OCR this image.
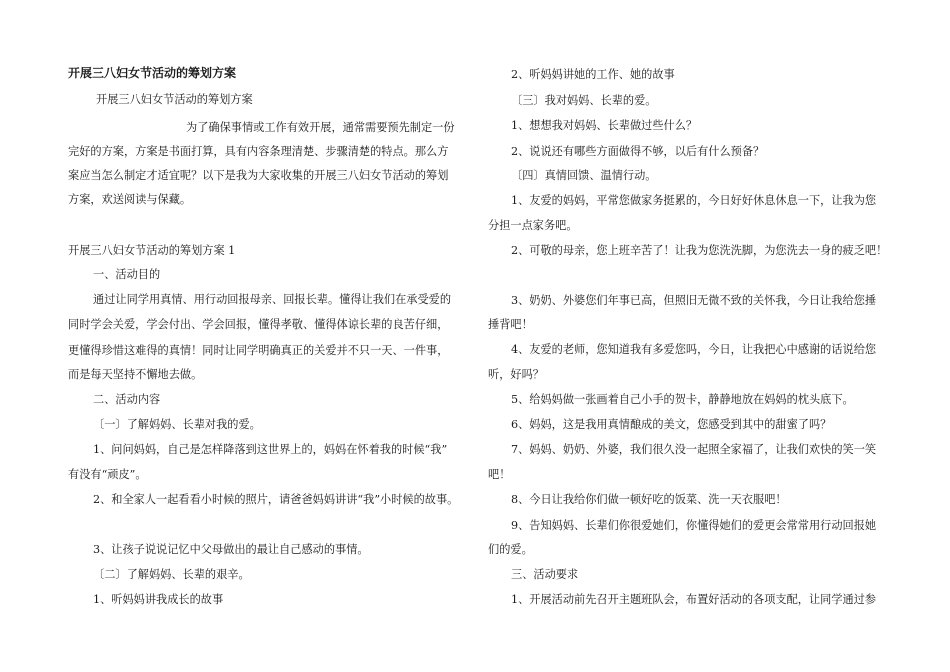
开展三八妇女节活动的筹划方案

开展三八妇女节活动的筹划方案

为了确保事情或工作有效开展，通常需要预先制定一份

完好的方案，方案是书面打算，具有内容条理清楚、步骤清楚的特点。那么方

案应当怎么制定才适宜呢？以下是我为大家收集的开展三八妇女节活动的筹划

方案，欢送阅读与保藏。

开展三八妇女节活动的筹划方案 1

一、活动目的

通过让同学用真情、用行动回报母亲、回报长辈。懂得让我们在承受爱的

同时学会关爱，学会付出、学会回报，懂得孝敬、懂得体谅长辈的良苦仔细，

更懂得珍惜这难得的真情！同时让同学明确真正的关爱并不只一天、一件事，

而是每天坚持不懈地去做。

二、活动内容

〔一〕了解妈妈、长辈对我的爱。

1、问问妈妈，自己是怎样降落到这世界上的，妈妈在怀着我的时候“我”

有没有“顽皮”。

2、和全家人一起看看小时候的照片，请爸爸妈妈讲讲“我”小时候的故事。

3、让孩子说说记忆中父母做出的最让自己感动的事情。

〔二〕了解妈妈、长辈的艰辛。

1、听妈妈讲我成长的故事

2、听妈妈讲她的工作、她的故事

〔三〕我对妈妈、长辈的爱。

1、想想我对妈妈、长辈做过些什么？

2、说说还有哪些方面做得不够，以后有什么预备？

〔四〕真情回馈、温情行动。

1、友爱的妈妈，平常您做家务挺累的，今日好好休息休息一下，让我为您

分担一点家务吧。

2、可敬的母亲，您上班辛苦了！让我为您洗洗脚，为您洗去一身的疲乏吧！

3、奶奶、外婆您们年事已高，但照旧无微不致的关怀我，今日让我给您捶

捶背吧！

4、友爱的老师，您知道我有多爱您吗，今日，让我把心中感谢的话说给您

听，好吗？

5、给妈妈做一张画着自己小手的贺卡，静静地放在妈妈的枕头底下。

6、妈妈，这是我用真情酿成的美文，您感受到其中的甜蜜了吗？

7、妈妈、奶奶、外婆，我们很久没一起照全家福了，让我们欢快的笑一笑

吧！

8、今日让我给你们做一顿好吃的饭菜、洗一天衣服吧！

9、告知妈妈、长辈们你很爱她们，你懂得她们的爱更会常常用行动回报她

们的爱。

三、活动要求

1、开展活动前先召开主题班队会，布置好活动的各项支配，让同学通过参
